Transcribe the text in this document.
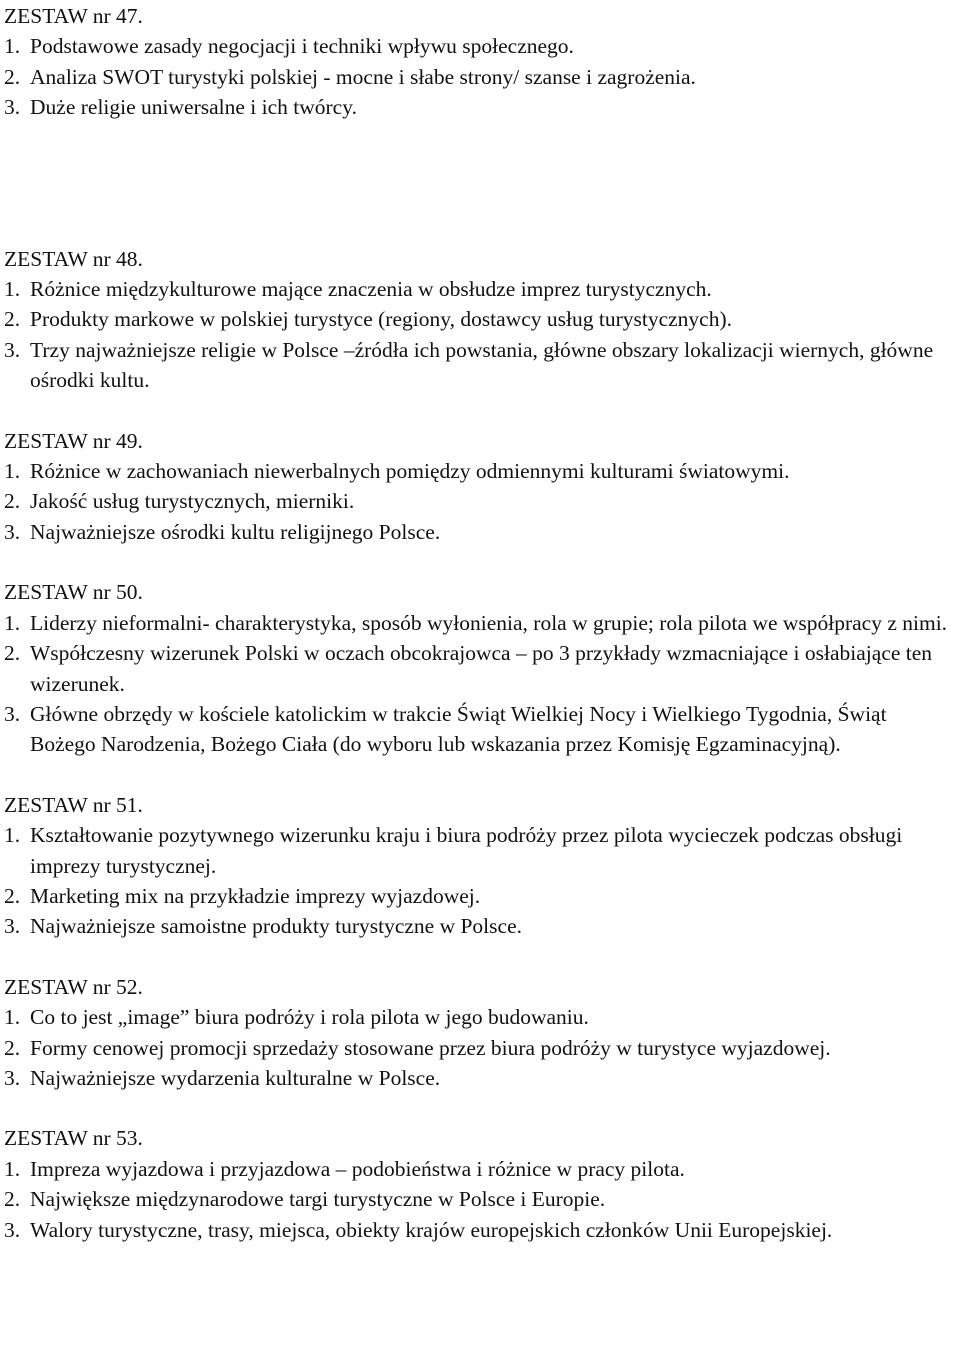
ZESTAW nr 47.
1. Podstawowe zasady negocjacji i techniki wpływu społecznego.
2. Analiza SWOT turystyki polskiej - mocne i słabe strony/ szanse i zagrożenia.
3. Duże religie uniwersalne i ich twórcy.
ZESTAW nr 48.
1. Różnice międzykulturowe mające znaczenia w obsłudze imprez turystycznych.
2. Produkty markowe w polskiej turystyce (regiony, dostawcy usług turystycznych).
3. Trzy najważniejsze religie w Polsce –źródła ich powstania, główne obszary lokalizacji wiernych, główne ośrodki kultu.
ZESTAW nr 49.
1. Różnice w zachowaniach niewerbalnych pomiędzy odmiennymi kulturami światowymi.
2. Jakość usług turystycznych, mierniki.
3. Najważniejsze ośrodki kultu religijnego Polsce.
ZESTAW nr 50.
1. Liderzy nieformalni- charakterystyka, sposób wyłonienia, rola w grupie; rola pilota we współpracy z nimi.
2. Współczesny wizerunek Polski w oczach obcokrajowca – po 3 przykłady wzmacniające i osłabiające ten wizerunek.
3. Główne obrzędy w kościele katolickim w trakcie Świąt Wielkiej Nocy i Wielkiego Tygodnia, Świąt Bożego Narodzenia, Bożego Ciała (do wyboru lub wskazania przez Komisję Egzaminacyjną).
ZESTAW nr 51.
1. Kształtowanie pozytywnego wizerunku kraju i biura podróży przez pilota wycieczek podczas obsługi imprezy turystycznej.
2. Marketing mix na przykładzie imprezy wyjazdowej.
3. Najważniejsze samoistne produkty turystyczne w Polsce.
ZESTAW nr 52.
1. Co to jest „image” biura podróży i rola pilota w jego budowaniu.
2. Formy cenowej promocji sprzedaży stosowane przez biura podróży w turystyce wyjazdowej.
3. Najważniejsze wydarzenia kulturalne w Polsce.
ZESTAW nr 53.
1. Impreza wyjazdowa i przyjazdowa – podobieństwa i różnice w pracy pilota.
2. Największe międzynarodowe targi turystyczne w Polsce i Europie.
3. Walory turystyczne, trasy, miejsca, obiekty krajów europejskich członków Unii Europejskiej.
